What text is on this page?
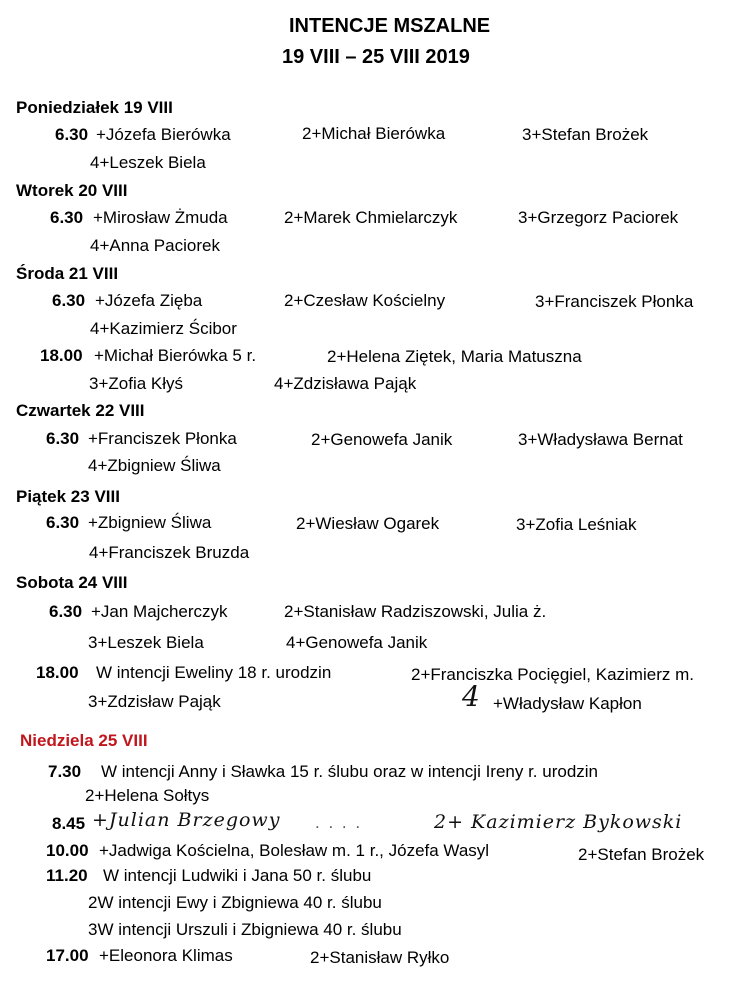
INTENCJE MSZALNE
19 VIII – 25 VIII 2019
Poniedziałek 19 VIII
6.30 +Józefa Bierówka	2+Michał Bierówka	3+Stefan Brożek
4+Leszek Biela
Wtorek 20 VIII
6.30 +Mirosław Żmuda	2+Marek Chmielarczyk	3+Grzegorz Paciorek
4+Anna Paciorek
Środa 21 VIII
6.30 +Józefa Zięba	2+Czesław Kościelny	3+Franciszek Płonka
4+Kazimierz Ścibor
18.00 +Michał Bierówka 5 r.	2+Helena Ziętek, Maria Matuszna
3+Zofia Kłyś	4+Zdzisława Pająk
Czwartek 22 VIII
6.30 +Franciszek Płonka	2+Genowefa Janik	3+Władysława Bernat
4+Zbigniew Śliwa
Piątek 23 VIII
6.30 +Zbigniew Śliwa	2+Wiesław Ogarek	3+Zofia Leśniak
4+Franciszek Bruzda
Sobota 24 VIII
6.30 +Jan Majcherczyk	2+Stanisław Radziszowski, Julia ż.
3+Leszek Biela	4+Genowefa Janik
18.00 W intencji Eweliny 18 r. urodzin	2+Franciszka Pocięgiel, Kazimierz m.
3+Zdzisław Pająk	4 +Władysław Kapłon
Niedziela 25 VIII
7.30 W intencji Anny i Sławka 15 r. ślubu oraz w intencji Ireny r. urodzin
2+Helena Sołtys
8.45 +Julian Brzegowy . . . .	2+ Kazimierz Bykowski
10.00 +Jadwiga Kościelna, Bolesław m. 1 r., Józefa Wasyl	2+Stefan Brożek
11.20 W intencji Ludwiki i Jana 50 r. ślubu
2W intencji Ewy i Zbigniewa 40 r. ślubu
3W intencji Urszuli i Zbigniewa 40 r. ślubu
17.00 +Eleonora Klimas	2+Stanisław Ryłko
